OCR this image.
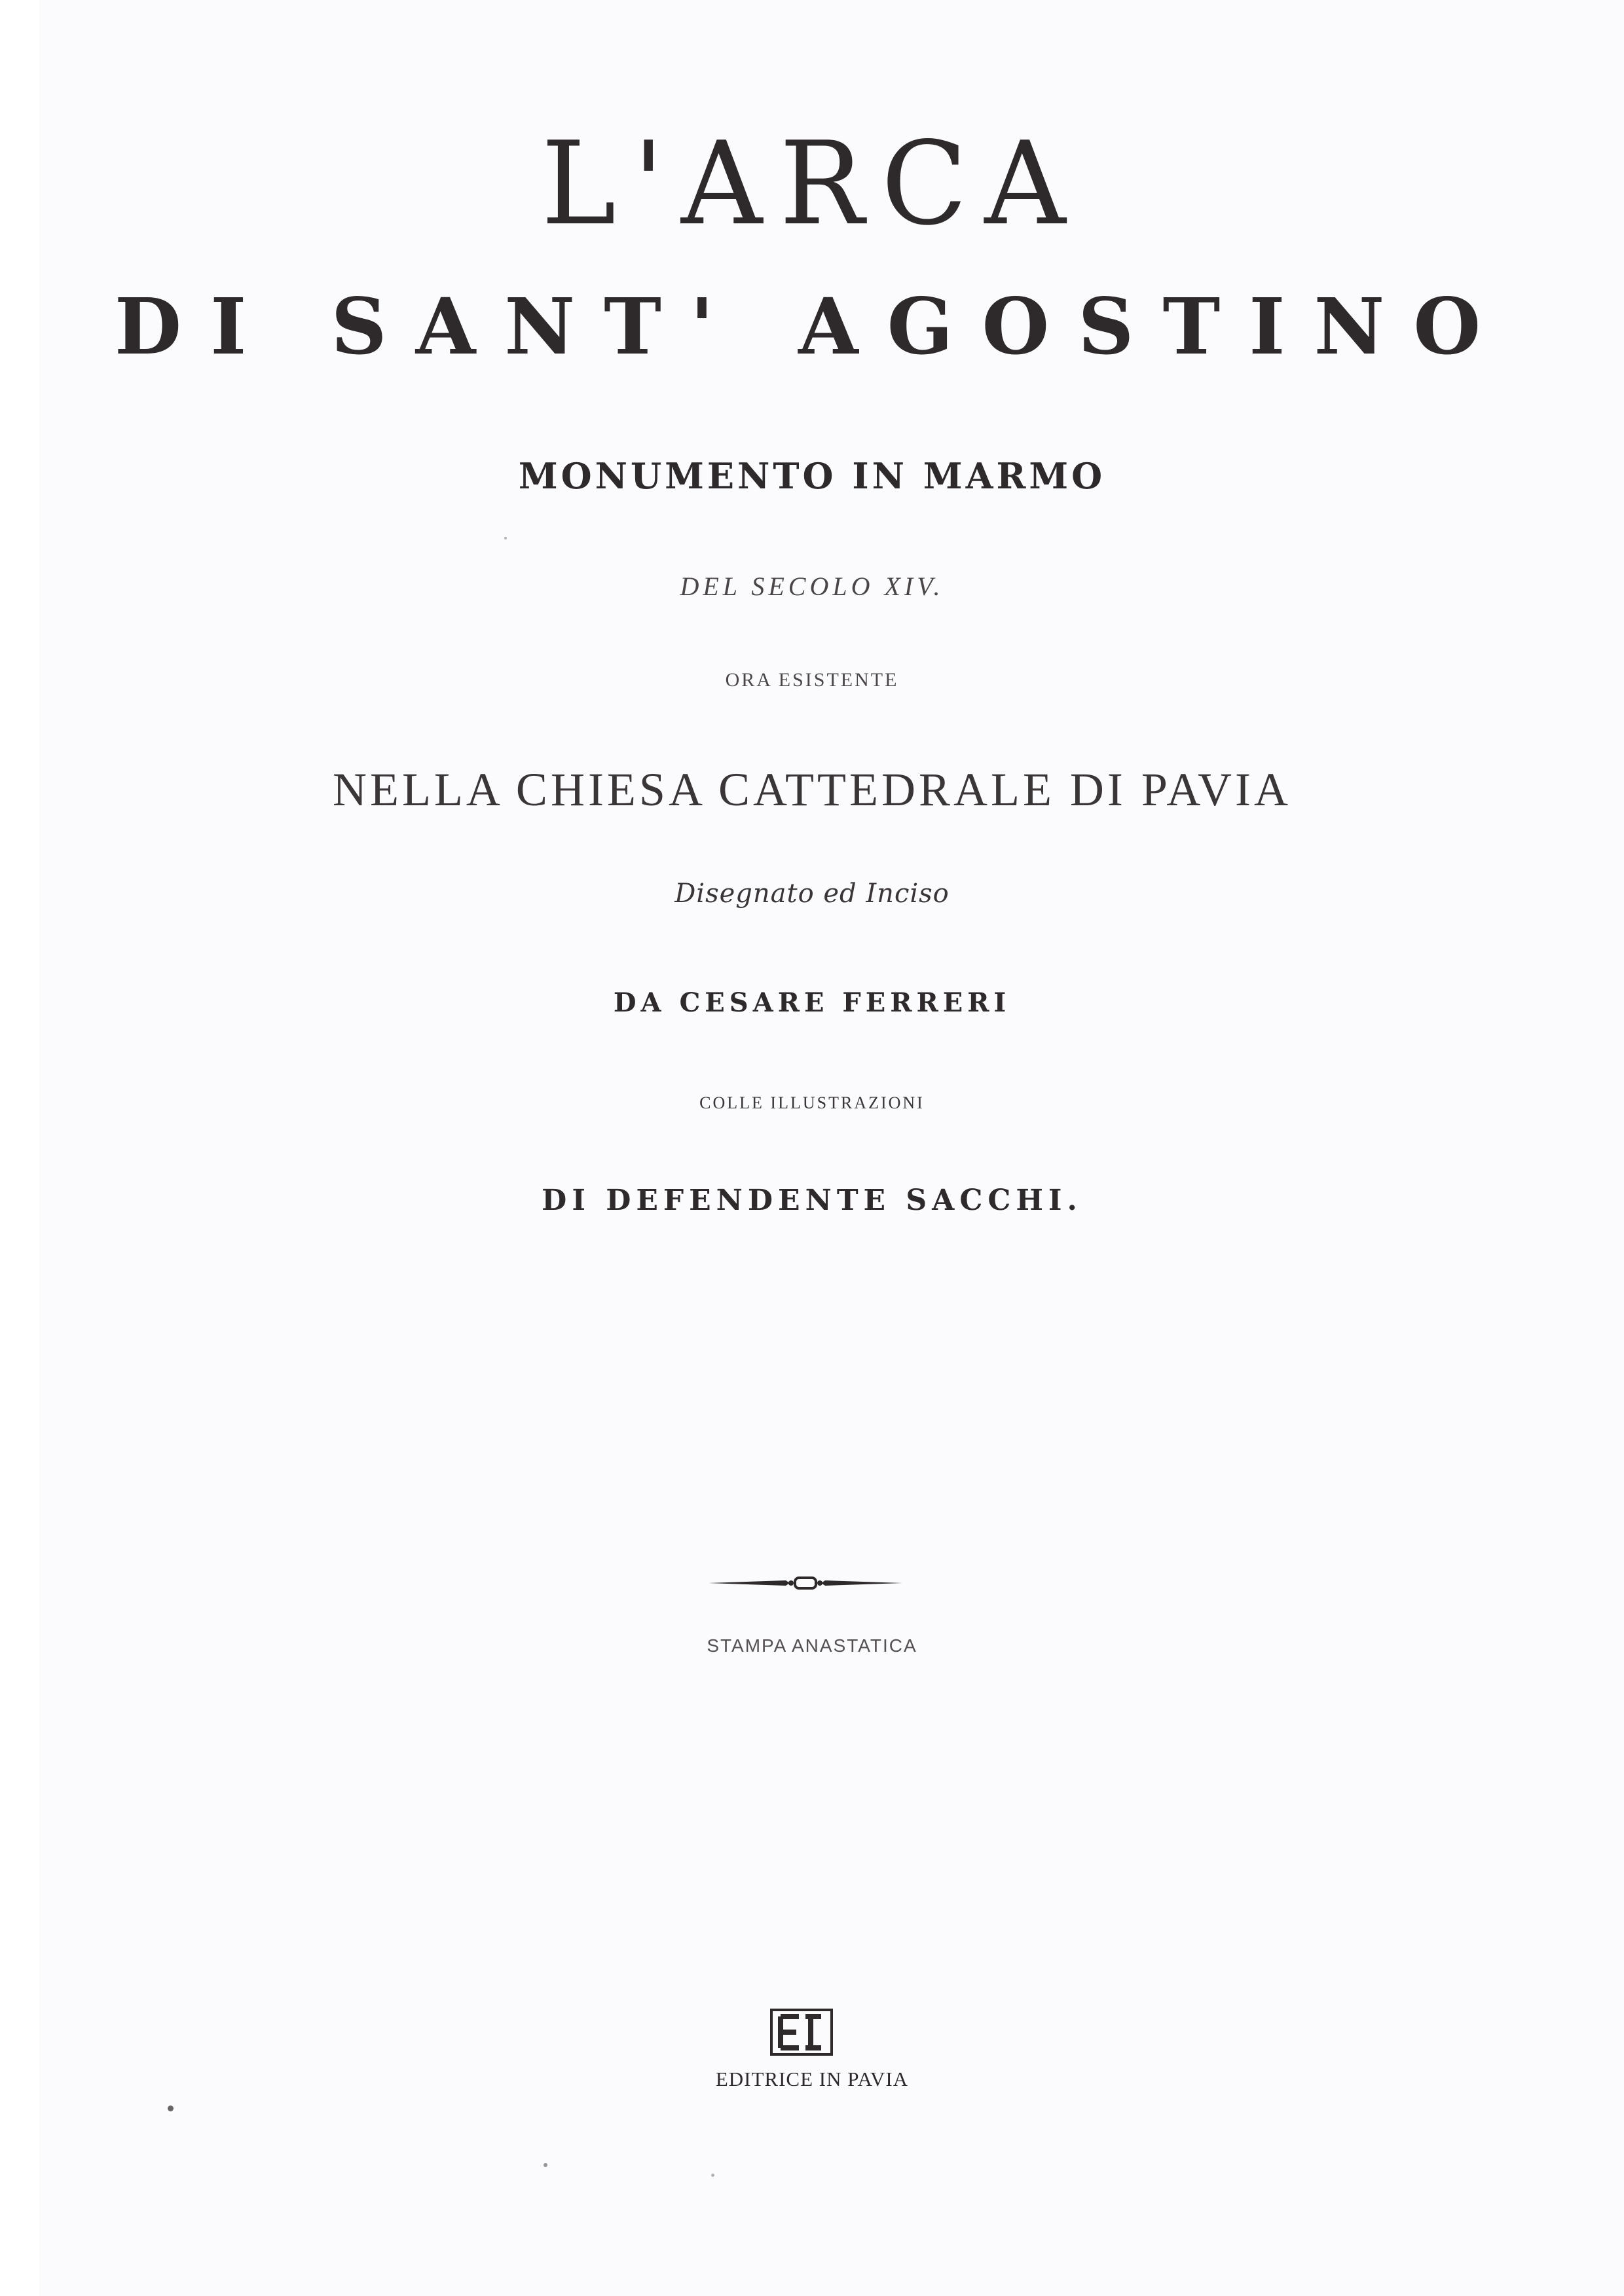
L'ARCA
DI SANT' AGOSTINO
MONUMENTO IN MARMO
DEL SECOLO XIV.
ORA ESISTENTE
NELLA CHIESA CATTEDRALE DI PAVIA
Disegnato ed Inciso
DA CESARE FERRERI
COLLE ILLUSTRAZIONI
DI DEFENDENTE SACCHI.
STAMPA ANASTATICA
EDITRICE IN PAVIA
